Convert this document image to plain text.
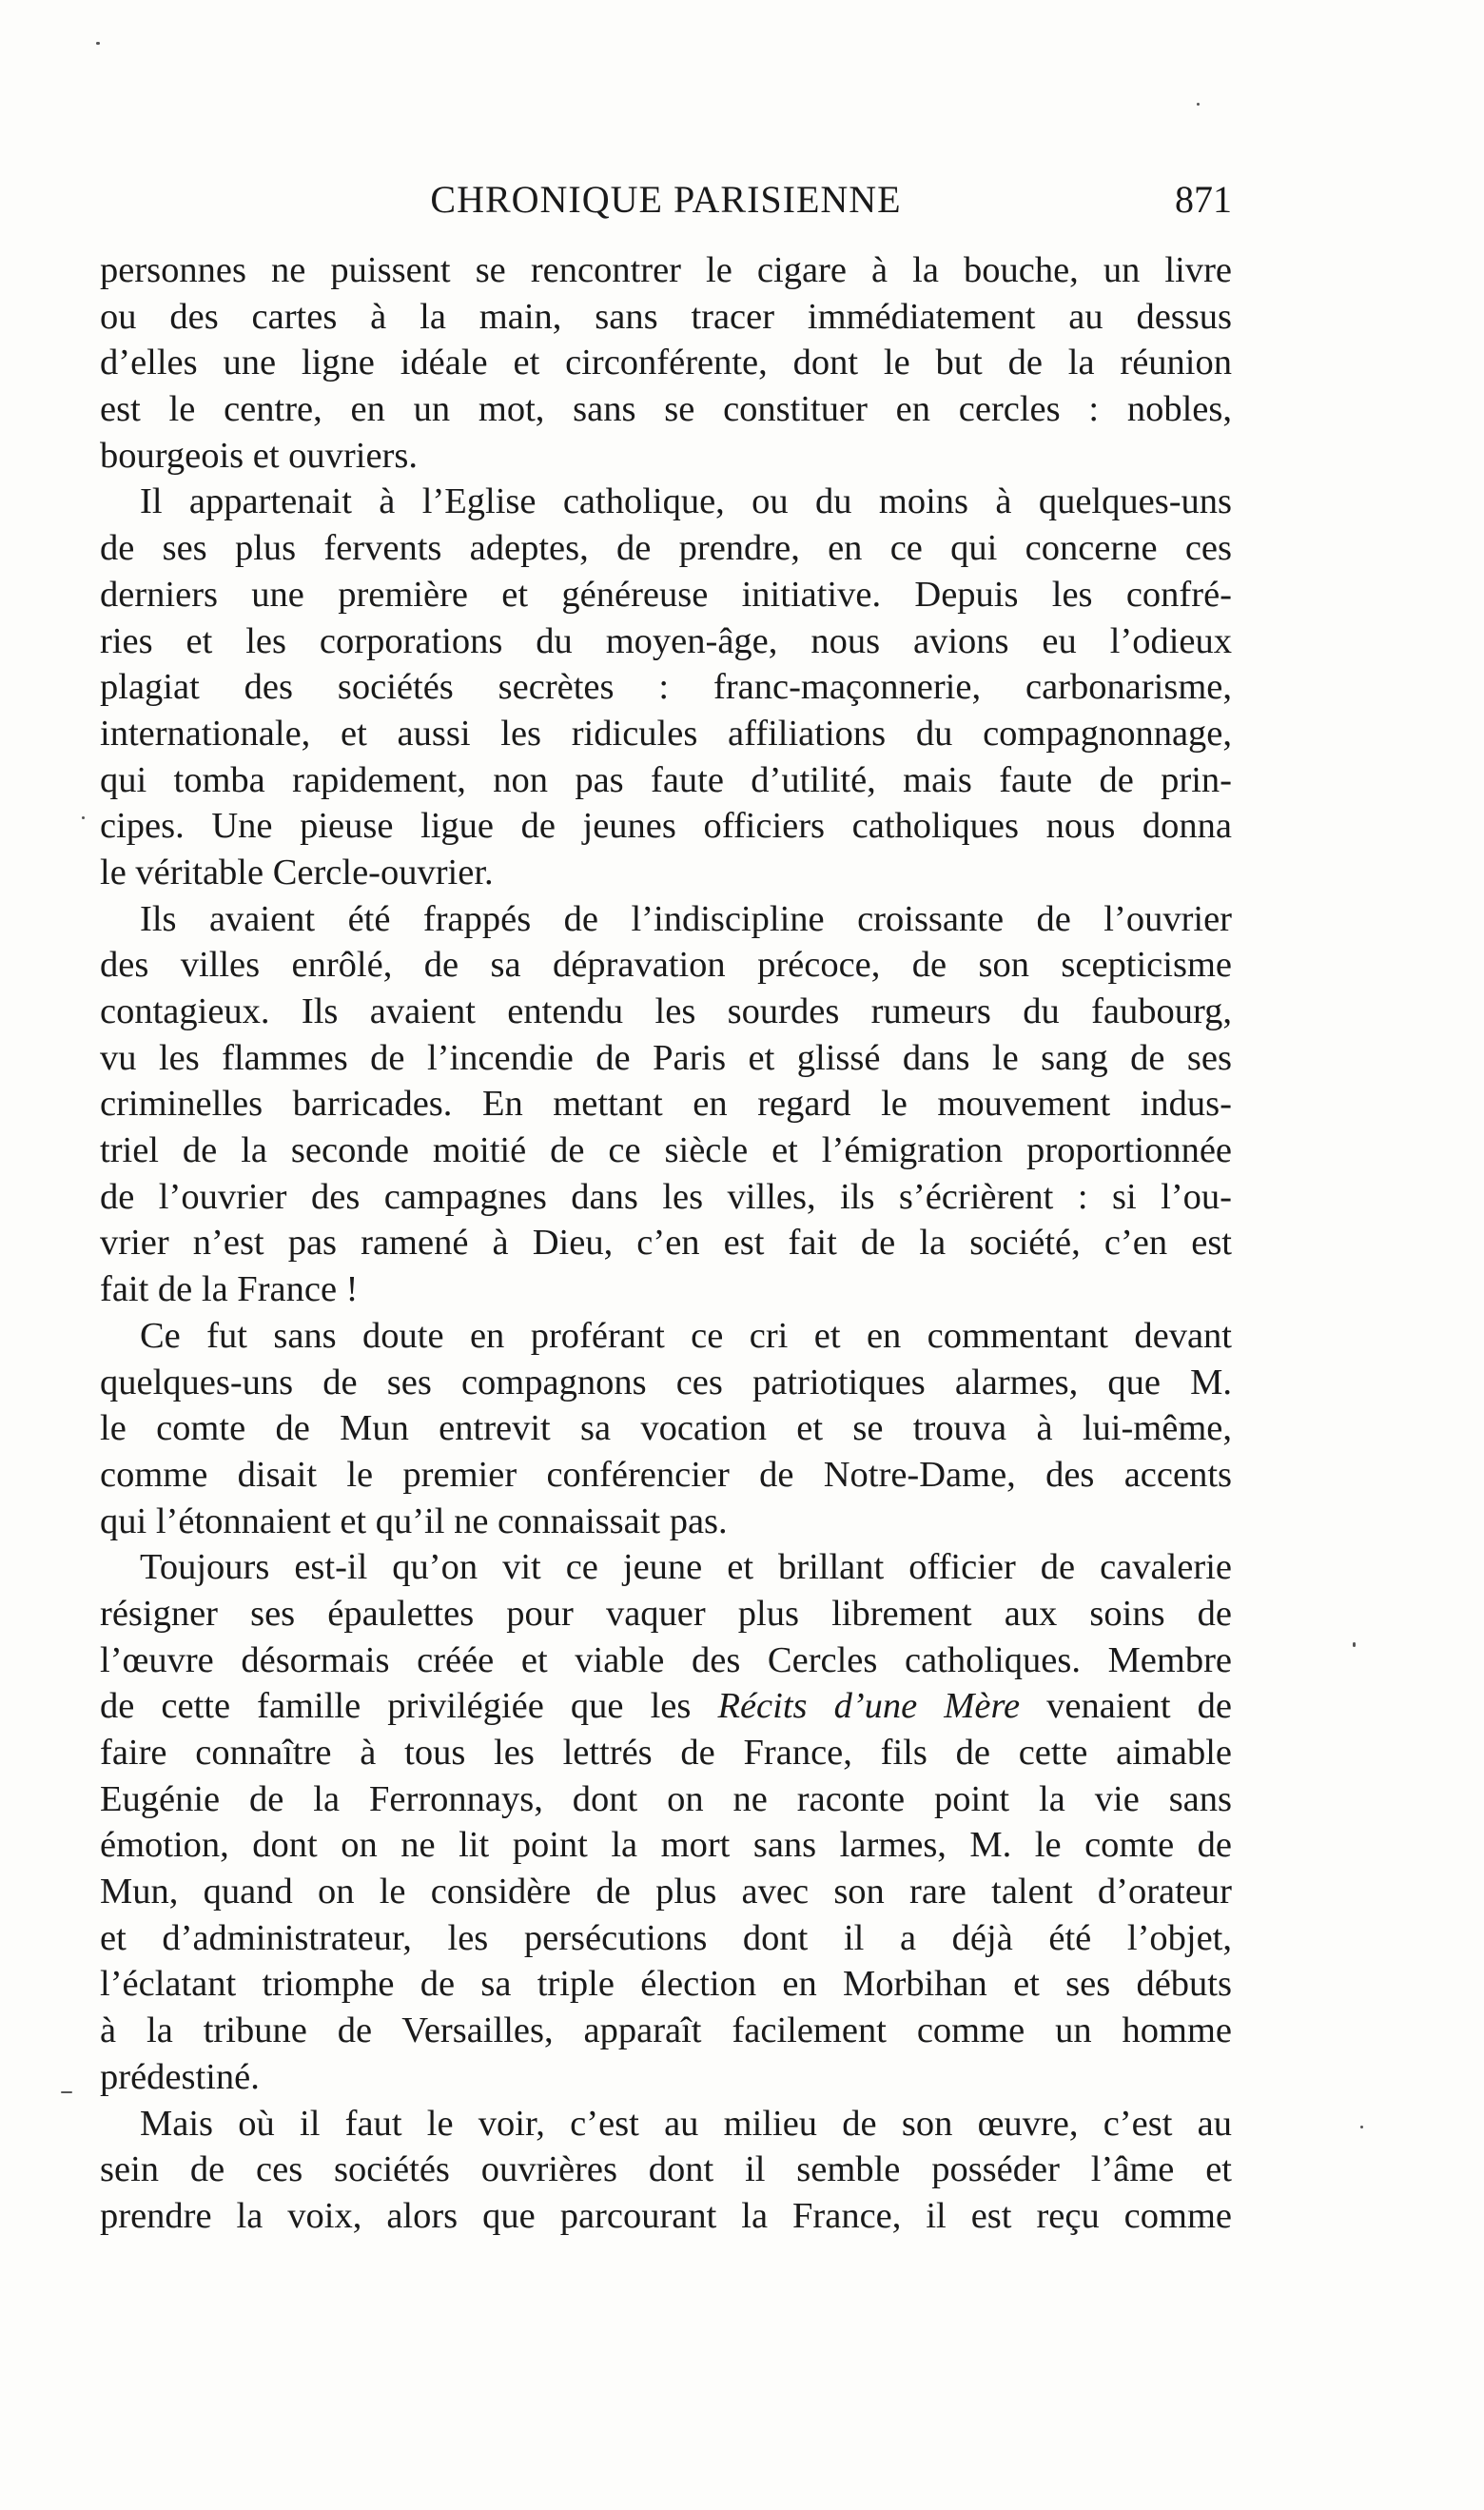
CHRONIQUE PARISIENNE	871
personnes ne puissent se rencontrer le cigare à la bouche, un livre
ou des cartes à la main, sans tracer immédiatement au dessus
d’elles une ligne idéale et circonférente, dont le but de la réunion
est le centre, en un mot, sans se constituer en cercles : nobles,
bourgeois et ouvriers.
Il appartenait à l’Eglise catholique, ou du moins à quelques-uns
de ses plus fervents adeptes, de prendre, en ce qui concerne ces
derniers une première et généreuse initiative. Depuis les confré-
ries et les corporations du moyen-âge, nous avions eu l’odieux
plagiat des sociétés secrètes : franc-maçonnerie, carbonarisme,
internationale, et aussi les ridicules affiliations du compagnonnage,
qui tomba rapidement, non pas faute d’utilité, mais faute de prin-
cipes. Une pieuse ligue de jeunes officiers catholiques nous donna
le véritable Cercle-ouvrier.
Ils avaient été frappés de l’indiscipline croissante de l’ouvrier
des villes enrôlé, de sa dépravation précoce, de son scepticisme
contagieux. Ils avaient entendu les sourdes rumeurs du faubourg,
vu les flammes de l’incendie de Paris et glissé dans le sang de ses
criminelles barricades. En mettant en regard le mouvement indus-
triel de la seconde moitié de ce siècle et l’émigration proportionnée
de l’ouvrier des campagnes dans les villes, ils s’écrièrent : si l’ou-
vrier n’est pas ramené à Dieu, c’en est fait de la société, c’en est
fait de la France !
Ce fut sans doute en proférant ce cri et en commentant devant
quelques-uns de ses compagnons ces patriotiques alarmes, que M.
le comte de Mun entrevit sa vocation et se trouva à lui-même,
comme disait le premier conférencier de Notre-Dame, des accents
qui l’étonnaient et qu’il ne connaissait pas.
Toujours est-il qu’on vit ce jeune et brillant officier de cavalerie
résigner ses épaulettes pour vaquer plus librement aux soins de
l’œuvre désormais créée et viable des Cercles catholiques. Membre
de cette famille privilégiée que les Récits d’une Mère venaient de
faire connaître à tous les lettrés de France, fils de cette aimable
Eugénie de la Ferronnays, dont on ne raconte point la vie sans
émotion, dont on ne lit point la mort sans larmes, M. le comte de
Mun, quand on le considère de plus avec son rare talent d’orateur
et d’administrateur, les persécutions dont il a déjà été l’objet,
l’éclatant triomphe de sa triple élection en Morbihan et ses débuts
à la tribune de Versailles, apparaît facilement comme un homme
prédestiné.
Mais où il faut le voir, c’est au milieu de son œuvre, c’est au
sein de ces sociétés ouvrières dont il semble posséder l’âme et
prendre la voix, alors que parcourant la France, il est reçu comme
